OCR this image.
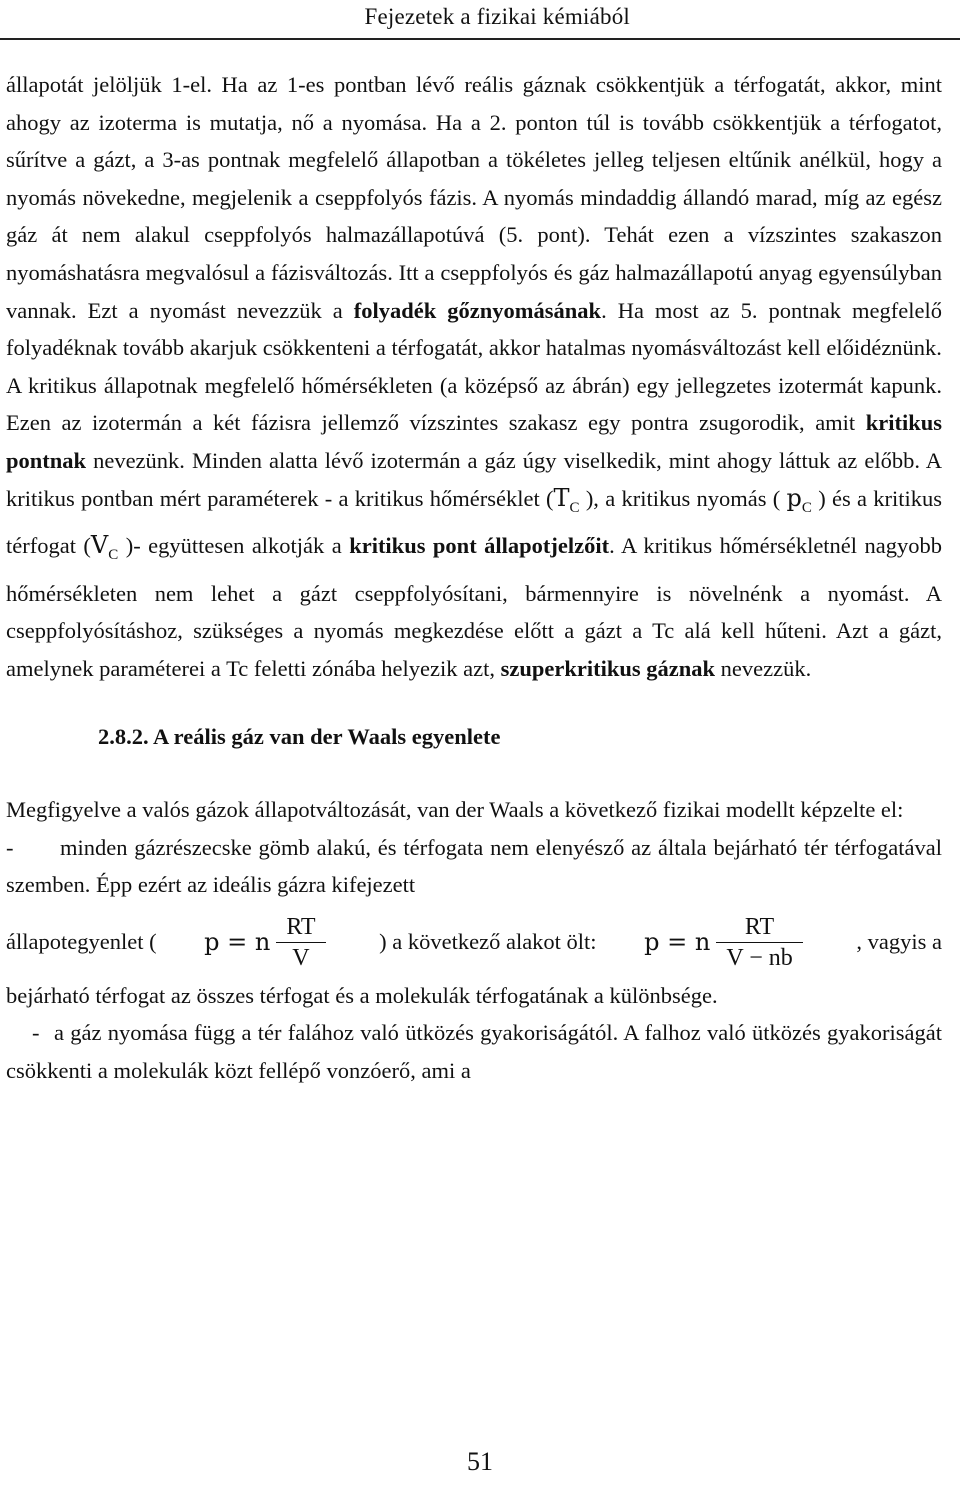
Fejezetek a fizikai kémiából

állapotát jelöljük 1-el. Ha az 1-es pontban lévő reális gáznak csökkentjük a térfogatát, akkor, mint ahogy az izoterma is mutatja, nő a nyomása. Ha a 2. ponton túl is tovább csökkentjük a térfogatot, sűrítve a gázt, a 3-as pontnak megfelelő állapotban a tökéletes jelleg teljesen eltűnik anélkül, hogy a nyomás növekedne, megjelenik a cseppfolyós fázis. A nyomás mindaddig állandó marad, míg az egész gáz át nem alakul cseppfolyós halmazállapotúvá (5. pont). Tehát ezen a vízszintes szakaszon nyomáshatásra megvalósul a fázisváltozás. Itt a cseppfolyós és gáz halmazállapotú anyag egyensúlyban vannak. Ezt a nyomást nevezzük a folyadék gőznyomásának. Ha most az 5. pontnak megfelelő folyadéknak tovább akarjuk csökkenteni a térfogatát, akkor hatalmas nyomásváltozást kell előidéznünk.

A kritikus állapotnak megfelelő hőmérsékleten (a középső az ábrán) egy jellegzetes izotermát kapunk. Ezen az izotermán a két fázisra jellemző vízszintes szakasz egy pontra zsugorodik, amit kritikus pontnak nevezünk. Minden alatta lévő izotermán a gáz úgy viselkedik, mint ahogy láttuk az előbb. A kritikus pontban mért paraméterek - a kritikus hőmérséklet ($T_C$ ), a kritikus nyomás ( $p_C$ ) és a kritikus térfogat ($V_C$ )- együttesen alkotják a kritikus pont állapotjelzőit. A kritikus hőmérsékletnél nagyobb hőmérsékleten nem lehet a gázt cseppfolyósítani, bármennyire is növelnénk a nyomást. A cseppfolyósításhoz, szükséges a nyomás megkezdése előtt a gázt a Tc alá kell hűteni. Azt a gázt, amelynek paraméterei a Tc feletti zónába helyezik azt, szuperkritikus gáznak nevezzük.

2.8.2. A reális gáz van der Waals egyenlete

Megfigyelve a valós gázok állapotváltozását, van der Waals a következő fizikai modellt képzelte el:

- minden gázrészecske gömb alakú, és térfogata nem elenyésző az általa bejárható tér térfogatával szemben. Épp ezért az ideális gázra kifejezett

állapotegyenlet ( p = n $\frac{RT}{V}$ ) a következő alakot ölt: p = n $\frac{RT}{V - nb}$ , vagyis a

bejárható térfogat az összes térfogat és a molekulák térfogatának a különbsége.

- a gáz nyomása függ a tér falához való ütközés gyakoriságától. A falhoz való ütközés gyakoriságát csökkenti a molekulák közt fellépő vonzóerő, ami a

51
